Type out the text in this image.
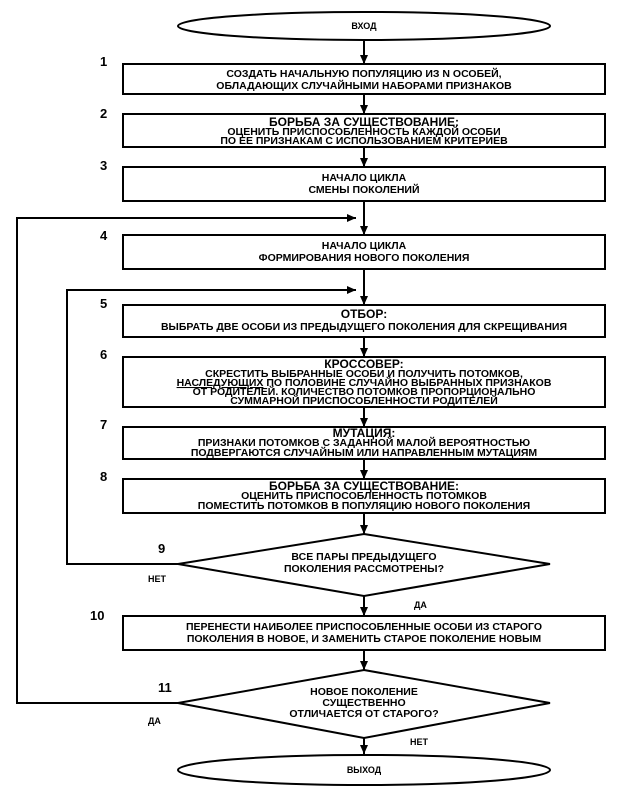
ВХОД
1
СОЗДАТЬ НАЧАЛЬНУЮ ПОПУЛЯЦИЮ ИЗ N ОСОБЕЙ,
ОБЛАДАЮЩИХ СЛУЧАЙНЫМИ НАБОРАМИ ПРИЗНАКОВ
2
БОРЬБА ЗА СУЩЕСТВОВАНИЕ:
ОЦЕНИТЬ ПРИСПОСОБЛЕННОСТЬ КАЖДОЙ ОСОБИ
ПО ЕЕ ПРИЗНАКАМ С ИСПОЛЬЗОВАНИЕМ КРИТЕРИЕВ
3
НАЧАЛО ЦИКЛА
СМЕНЫ ПОКОЛЕНИЙ
4
НАЧАЛО ЦИКЛА
ФОРМИРОВАНИЯ НОВОГО ПОКОЛЕНИЯ
5
ОТБОР:
ВЫБРАТЬ ДВЕ ОСОБИ ИЗ ПРЕДЫДУЩЕГО ПОКОЛЕНИЯ ДЛЯ СКРЕЩИВАНИЯ
6
КРОССОВЕР:
СКРЕСТИТЬ ВЫБРАННЫЕ ОСОБИ И ПОЛУЧИТЬ ПОТОМКОВ,
НАСЛЕДУЮЩИХ ПО ПОЛОВИНЕ СЛУЧАЙНО ВЫБРАННЫХ ПРИЗНАКОВ
ОТ РОДИТЕЛЕЙ. КОЛИЧЕСТВО ПОТОМКОВ ПРОПОРЦИОНАЛЬНО
СУММАРНОЙ ПРИСПОСОБЛЕННОСТИ РОДИТЕЛЕЙ
7
МУТАЦИЯ:
ПРИЗНАКИ ПОТОМКОВ С ЗАДАННОЙ МАЛОЙ ВЕРОЯТНОСТЬЮ
ПОДВЕРГАЮТСЯ СЛУЧАЙНЫМ ИЛИ НАПРАВЛЕННЫМ МУТАЦИЯМ
8
БОРЬБА ЗА СУЩЕСТВОВАНИЕ:
ОЦЕНИТЬ ПРИСПОСОБЛЕННОСТЬ ПОТОМКОВ
ПОМЕСТИТЬ ПОТОМКОВ В ПОПУЛЯЦИЮ НОВОГО ПОКОЛЕНИЯ
9
ВСЕ ПАРЫ ПРЕДЫДУЩЕГО
ПОКОЛЕНИЯ РАССМОТРЕНЫ?
НЕТ
ДА
10
ПЕРЕНЕСТИ НАИБОЛЕЕ ПРИСПОСОБЛЕННЫЕ ОСОБИ ИЗ СТАРОГО
ПОКОЛЕНИЯ В НОВОЕ, И ЗАМЕНИТЬ СТАРОЕ ПОКОЛЕНИЕ НОВЫМ
11	НОВОЕ ПОКОЛЕНИЕ
СУЩЕСТВЕННО
ОТЛИЧАЕТСЯ ОТ СТАРОГО?
ДА
НЕТ
ВЫХОД
